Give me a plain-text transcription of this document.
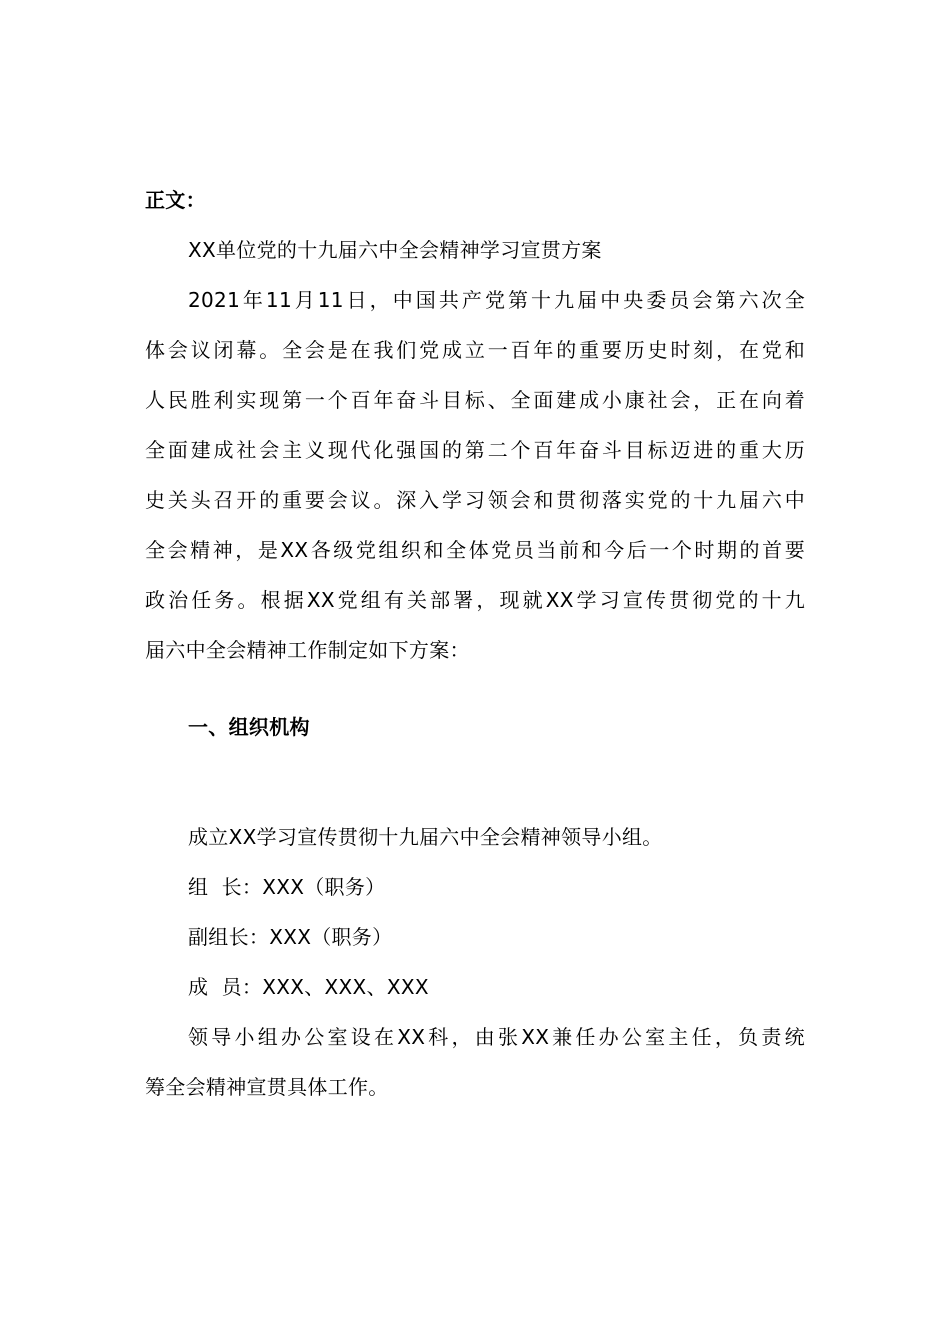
正文：
XX单位党的十九届六中全会精神学习宣贯方案
2021年11月11日，中国共产党第十九届中央委员会第六次全
体会议闭幕。全会是在我们党成立一百年的重要历史时刻，在党和
人民胜利实现第一个百年奋斗目标、全面建成小康社会，正在向着
全面建成社会主义现代化强国的第二个百年奋斗目标迈进的重大历
史关头召开的重要会议。深入学习领会和贯彻落实党的十九届六中
全会精神，是XX各级党组织和全体党员当前和今后一个时期的首要
政治任务。根据XX党组有关部署，现就XX学习宣传贯彻党的十九
届六中全会精神工作制定如下方案：
一、组织机构
成立XX学习宣传贯彻十九届六中全会精神领导小组。
组  长：XXX（职务）
副组长：XXX（职务）
成  员：XXX、XXX、XXX
领导小组办公室设在XX科，由张XX兼任办公室主任，负责统
筹全会精神宣贯具体工作。
